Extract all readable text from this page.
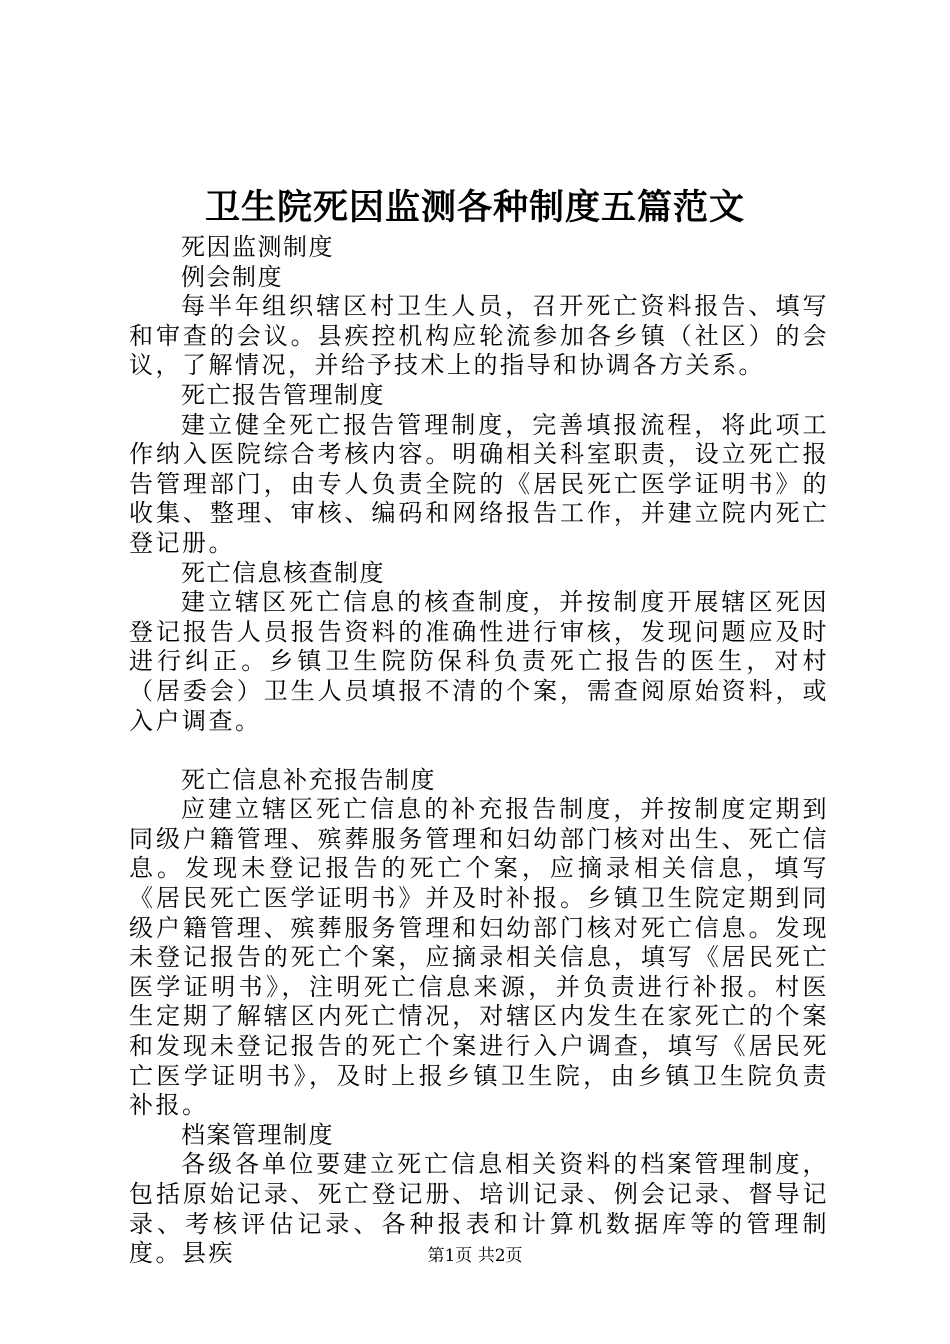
卫生院死因监测各种制度五篇范文

死因监测制度

例会制度

每半年组织辖区村卫生人员，召开死亡资料报告、填写和审查的会议。县疾控机构应轮流参加各乡镇（社区）的会议，了解情况，并给予技术上的指导和协调各方关系。

死亡报告管理制度

建立健全死亡报告管理制度，完善填报流程，将此项工作纳入医院综合考核内容。明确相关科室职责，设立死亡报告管理部门，由专人负责全院的《居民死亡医学证明书》的收集、整理、审核、编码和网络报告工作，并建立院内死亡登记册。

死亡信息核查制度

建立辖区死亡信息的核查制度，并按制度开展辖区死因登记报告人员报告资料的准确性进行审核，发现问题应及时进行纠正。乡镇卫生院防保科负责死亡报告的医生，对村（居委会）卫生人员填报不清的个案，需查阅原始资料，或入户调查。

死亡信息补充报告制度

应建立辖区死亡信息的补充报告制度，并按制度定期到同级户籍管理、殡葬服务管理和妇幼部门核对出生、死亡信息。发现未登记报告的死亡个案，应摘录相关信息，填写《居民死亡医学证明书》并及时补报。乡镇卫生院定期到同级户籍管理、殡葬服务管理和妇幼部门核对死亡信息。发现未登记报告的死亡个案，应摘录相关信息，填写《居民死亡医学证明书》，注明死亡信息来源，并负责进行补报。村医生定期了解辖区内死亡情况，对辖区内发生在家死亡的个案和发现未登记报告的死亡个案进行入户调查，填写《居民死亡医学证明书》，及时上报乡镇卫生院，由乡镇卫生院负责补报。

档案管理制度

各级各单位要建立死亡信息相关资料的档案管理制度，包括原始记录、死亡登记册、培训记录、例会记录、督导记录、考核评估记录、各种报表和计算机数据库等的管理制度。县疾	第1页 共2页
